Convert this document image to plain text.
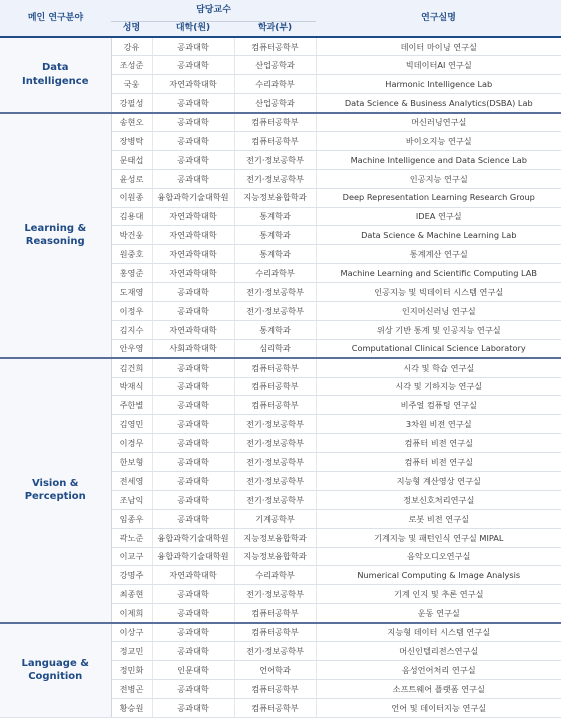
메인 연구분야	담당교수			연구실명
	성명	대학(원)	학과(부)	
Data
Intelligence	강유	공과대학	컴퓨터공학부	데이터 마이닝 연구실
	조성준	공과대학	산업공학과	빅데이터AI 연구실
	국웅	자연과학대학	수리과학부	Harmonic Intelligence Lab
	강필성	공과대학	산업공학과	Data Science & Business Analytics(DSBA) Lab
Learning &
Reasoning	송현오	공과대학	컴퓨터공학부	머신러닝연구실
	장병탁	공과대학	컴퓨터공학부	바이오지능 연구실
	문태섭	공과대학	전기·정보공학부	Machine Intelligence and Data Science Lab
	윤성로	공과대학	전기·정보공학부	인공지능 연구실
	이원종	융합과학기술대학원	지능정보융합학과	Deep Representation Learning Research Group
	김용대	자연과학대학	통계학과	IDEA 연구실
	박건웅	자연과학대학	통계학과	Data Science & Machine Learning Lab
	원중호	자연과학대학	통계학과	통계계산 연구실
	홍영준	자연과학대학	수리과학부	Machine Learning and Scientific Computing LAB
	도재영	공과대학	전기·정보공학부	인공지능 및 빅데이터 시스템 연구실
	이정우	공과대학	전기·정보공학부	인지머신러닝 연구실
	김지수	자연과학대학	통계학과	위상 기반 통계 및 인공지능 연구실
	안우영	사회과학대학	심리학과	Computational Clinical Science Laboratory
Vision &
Perception	김건희	공과대학	컴퓨터공학부	시각 및 학습 연구실
	박재식	공과대학	컴퓨터공학부	시각 및 기하지능 연구실
	주한별	공과대학	컴퓨터공학부	비주얼 컴퓨팅 연구실
	김영민	공과대학	전기·정보공학부	3차원 비전 연구실
	이경무	공과대학	전기·정보공학부	컴퓨터 비전 연구실
	한보형	공과대학	전기·정보공학부	컴퓨터 비전 연구실
	전세영	공과대학	전기·정보공학부	지능형 계산영상 연구실
	조남익	공과대학	전기·정보공학부	정보신호처리연구실
	임종우	공과대학	기계공학부	로봇 비전 연구실
	곽노준	융합과학기술대학원	지능정보융합학과	기계지능 및 패턴인식 연구실 MIPAL
	이교구	융합과학기술대학원	지능정보융합학과	음악오디오연구실
	강명주	자연과학대학	수리과학부	Numerical Computing & Image Analysis
	최종현	공과대학	전기·정보공학부	기계 인지 및 추론 연구실
	이제희	공과대학	컴퓨터공학부	운동 연구실
Language &
Cognition	이상구	공과대학	컴퓨터공학부	지능형 데이터 시스템 연구실
	정교민	공과대학	전기·정보공학부	머신인텔리전스연구실
	정민화	인문대학	언어학과	음성언어처리 연구실
	전병곤	공과대학	컴퓨터공학부	소프트웨어 플랫폼 연구실
	황승원	공과대학	컴퓨터공학부	언어 및 데이터지능 연구실
